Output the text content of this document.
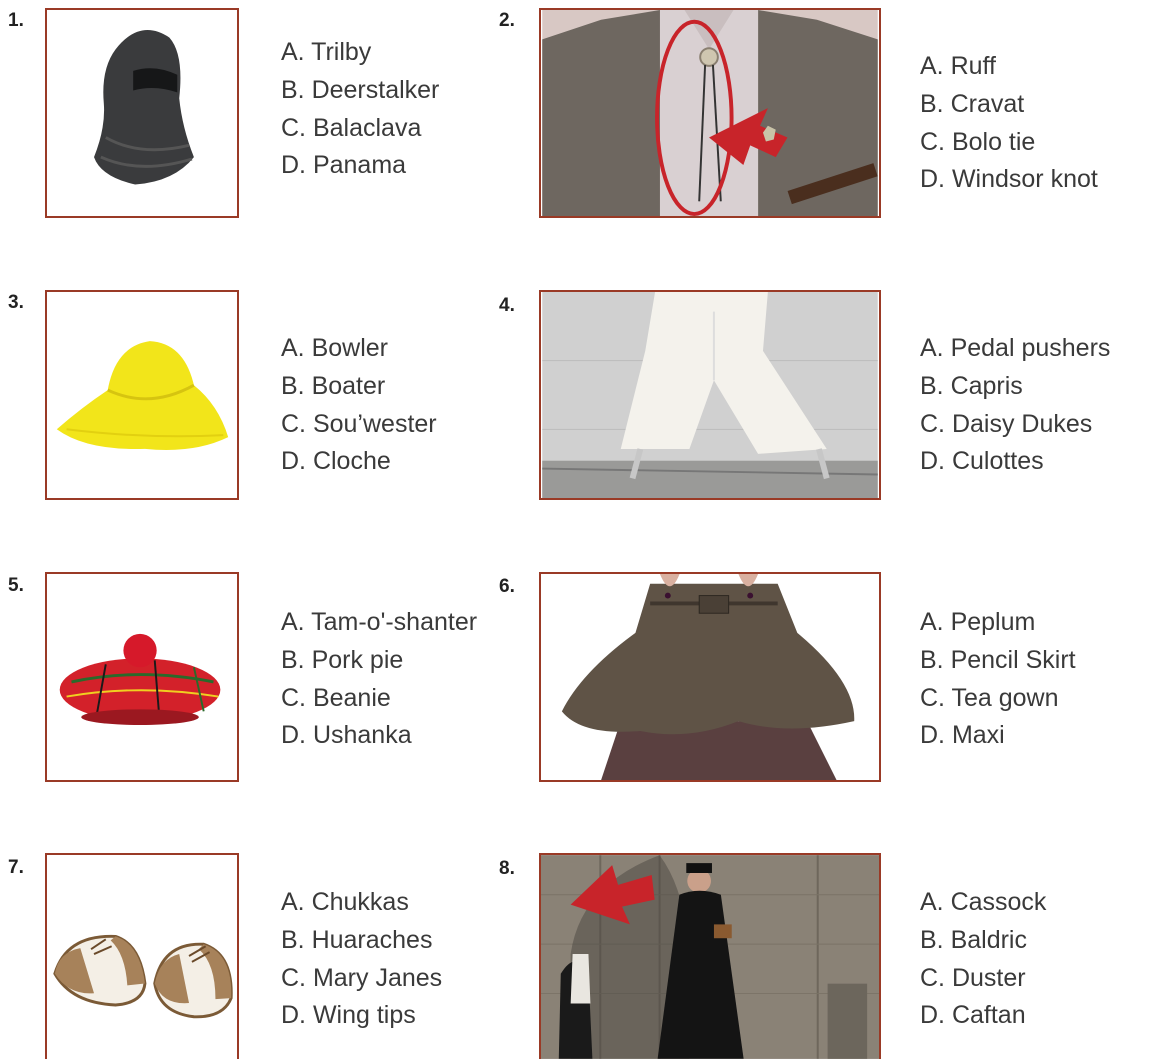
1.
A. Trilby
B. Deerstalker
C. Balaclava
D. Panama
2.
A. Ruff
B. Cravat
C. Bolo tie
D. Windsor knot
3.
A. Bowler
B. Boater
C. Sou’wester
D. Cloche
4.
A. Pedal pushers
B. Capris
C. Daisy Dukes
D. Culottes
5.
A. Tam-o'-shanter
B. Pork pie
C. Beanie
D. Ushanka
6.
A. Peplum
B. Pencil Skirt
C. Tea gown
D. Maxi
7.
A. Chukkas
B. Huaraches
C. Mary Janes
D. Wing tips
8.
A. Cassock
B. Baldric
C. Duster
D. Caftan
